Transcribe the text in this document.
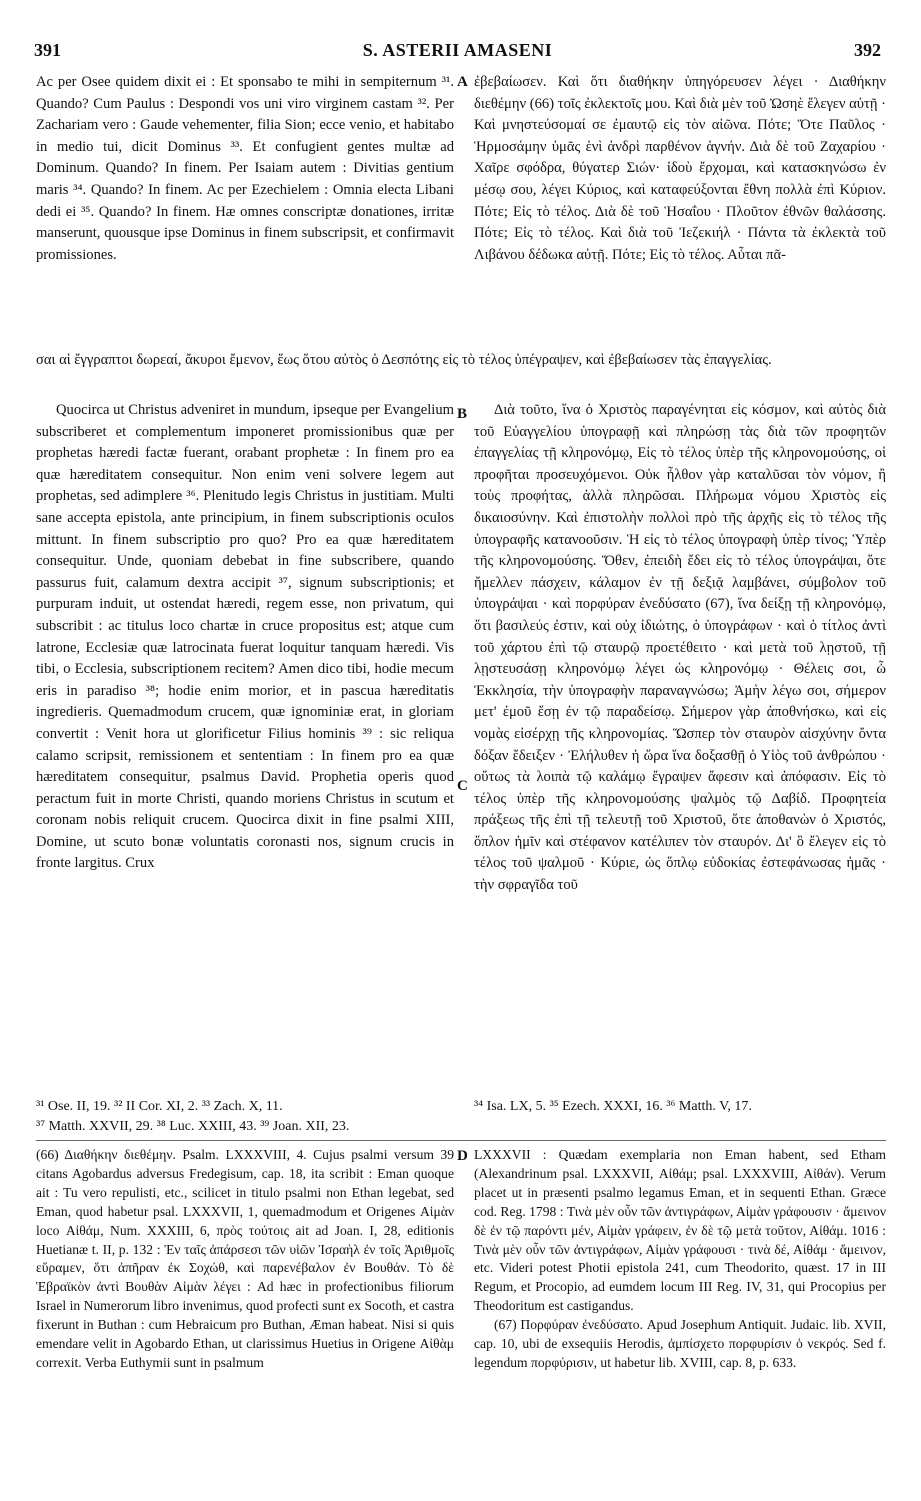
391	S. ASTERII AMASENI	392

Ac per Osee quidem dixit ei : Et sponsabo te mihi in sempiternum ³¹. Quando? Cum Paulus : Despondi vos uni viro virginem castam ³². Per Zachariam vero : Gaude vehementer, filia Sion; ecce venio, et habitabo in medio tui, dicit Dominus ³³. Et confugient gentes multæ ad Dominum. Quando? In finem. Per Isaiam autem : Divitias gentium maris ³⁴. Quando? In finem. Ac per Ezechielem : Omnia electa Libani dedi ei ³⁵. Quando? In finem. Hæ omnes conscriptæ donationes, irritæ manserunt, quousque ipse Dominus in finem subscripsit, et confirmavit promissiones.

A ἐβεβαίωσεν. Καὶ ὅτι διαθήκην ὑπηγόρευσεν λέγει · Διαθήκην διεθέμην (66) τοῖς ἐκλεκτοῖς μου. Καὶ διὰ μὲν τοῦ Ὠσηὲ ἔλεγεν αὐτῇ · Καὶ μνηστεύσομαί σε ἐμαυτῷ εἰς τὸν αἰῶνα. Πότε; Ὅτε Παῦλος · Ἡρμοσάμην ὑμᾶς ἑνὶ ἀνδρὶ παρθένον ἁγνήν. Διὰ δὲ τοῦ Ζαχαρίου · Χαῖρε σφόδρα, θύγατερ Σιών· ἰδοὺ ἔρχομαι, καὶ κατασκηνώσω ἐν μέσῳ σου, λέγει Κύριος, καὶ καταφεύξονται ἔθνη πολλὰ ἐπὶ Κύριον. Πότε; Εἰς τὸ τέλος. Διὰ δὲ τοῦ Ἡσαΐου · Πλοῦτον ἐθνῶν θαλάσσης. Πότε; Εἰς τὸ τέλος. Καὶ διὰ τοῦ Ἰεζεκιήλ · Πάντα τὰ ἐκλεκτὰ τοῦ Λιβάνου δέδωκα αὐτῇ. Πότε; Εἰς τὸ τέλος. Αὗται πᾶ-

σαι αἱ ἔγγραπτοι δωρεαί, ἄκυροι ἔμενον, ἕως ὅτου αὐτὸς ὁ Δεσπότης εἰς τὸ τέλος ὑπέγραψεν, καὶ ἐβεβαίωσεν τὰς ἐπαγγελίας.

Quocirca ut Christus adveniret in mundum, ipseque per Evangelium subscriberet et complementum imponeret promissionibus quæ per prophetas hæredi factæ fuerant, orabant prophetæ : In finem pro ea quæ hæreditatem consequitur. Non enim veni solvere legem aut prophetas, sed adimplere ³⁶. Plenitudo legis Christus in justitiam. Multi sane accepta epistola, ante principium, in finem subscriptionis oculos mittunt. In finem subscriptio pro quo? Pro ea quæ hæreditatem consequitur. Unde, quoniam debebat in fine subscribere, quando passurus fuit, calamum dextra accipit ³⁷, signum subscriptionis; et purpuram induit, ut ostendat hæredi, regem esse, non privatum, qui subscribit : ac titulus loco chartæ in cruce propositus est; atque cum latrone, Ecclesiæ quæ latrocinata fuerat loquitur tanquam hæredi. Vis tibi, o Ecclesia, subscriptionem recitem? Amen dico tibi, hodie mecum eris in paradiso ³⁸; hodie enim morior, et in pascua hæreditatis ingredieris. Quemadmodum crucem, quæ ignominiæ erat, in gloriam convertit : Venit hora ut glorificetur Filius hominis ³⁹ : sic reliqua calamo scripsit, remissionem et sententiam : In finem pro ea quæ hæreditatem consequitur, psalmus David. Prophetia operis quod peractum fuit in morte Christi, quando moriens Christus in scutum et coronam nobis reliquit crucem. Quocirca dixit in fine psalmi XIII, Domine, ut scuto bonæ voluntatis coronasti nos, signum crucis in fronte largitus. Crux

B
C

Διὰ τοῦτο, ἵνα ὁ Χριστὸς παραγένηται εἰς κόσμον, καὶ αὐτὸς διὰ τοῦ Εὐαγγελίου ὑπογραφῇ καὶ πληρώσῃ τὰς διὰ τῶν προφητῶν ἐπαγγελίας τῇ κληρονόμῳ, Εἰς τὸ τέλος ὑπὲρ τῆς κληρονομούσης, οἱ προφῆται προσευχόμενοι. Οὐκ ἦλθον γὰρ καταλῦσαι τὸν νόμον, ἢ τοὺς προφήτας, ἀλλὰ πληρῶσαι. Πλήρωμα νόμου Χριστὸς εἰς δικαιοσύνην. Καὶ ἐπιστολὴν πολλοὶ πρὸ τῆς ἀρχῆς εἰς τὸ τέλος τῆς ὑπογραφῆς κατανοοῦσιν. Ἡ εἰς τὸ τέλος ὑπογραφὴ ὑπὲρ τίνος; Ὑπὲρ τῆς κληρονομούσης. Ὅθεν, ἐπειδὴ ἔδει εἰς τὸ τέλος ὑπογράψαι, ὅτε ἤμελλεν πάσχειν, κάλαμον ἐν τῇ δεξιᾷ λαμβάνει, σύμβολον τοῦ ὑπογράψαι · καὶ πορφύραν ἐνεδύσατο (67), ἵνα δείξῃ τῇ κληρονόμῳ, ὅτι βασιλεύς ἐστιν, καὶ οὐχ ἰδιώτης, ὁ ὑπογράφων · καὶ ὁ τίτλος ἀντὶ τοῦ χάρτου ἐπὶ τῷ σταυρῷ προετέθειτο · καὶ μετὰ τοῦ λῃστοῦ, τῇ λῃστευσάσῃ κληρονόμῳ λέγει ὡς κληρονόμῳ · Θέλεις σοι, ὦ Ἐκκλησία, τὴν ὑπογραφὴν παραναγνώσω; Ἀμὴν λέγω σοι, σήμερον μετ' ἐμοῦ ἔσῃ ἐν τῷ παραδείσῳ. Σήμερον γὰρ ἀποθνήσκω, καὶ εἰς νομὰς εἰσέρχῃ τῆς κληρονομίας. Ὥσπερ τὸν σταυρὸν αἰσχύνην ὄντα δόξαν ἔδειξεν · Ἐλήλυθεν ἡ ὥρα ἵνα δοξασθῇ ὁ Υἱὸς τοῦ ἀνθρώπου · οὕτως τὰ λοιπὰ τῷ καλάμῳ ἔγραψεν ἄφεσιν καὶ ἀπόφασιν. Εἰς τὸ τέλος ὑπὲρ τῆς κληρονομούσης ψαλμὸς τῷ Δαβίδ. Προφητεία πράξεως τῆς ἐπὶ τῇ τελευτῇ τοῦ Χριστοῦ, ὅτε ἀποθανὼν ὁ Χριστός, ὅπλον ἡμῖν καὶ στέφανον κατέλιπεν τὸν σταυρόν. Δι' ὃ ἔλεγεν εἰς τὸ τέλος τοῦ ψαλμοῦ · Κύριε, ὡς ὅπλῳ εὐδοκίας ἐστεφάνωσας ἡμᾶς · τὴν σφραγῖδα τοῦ

³¹ Ose. II, 19. ³² II Cor. XI, 2. ³³ Zach. X, 11.	³⁴ Isa. LX, 5. ³⁵ Ezech. XXXI, 16. ³⁶ Matth. V, 17.
³⁷ Matth. XXVII, 29. ³⁸ Luc. XXIII, 43. ³⁹ Joan. XII, 23.

(66) Διαθήκην διεθέμην. Psalm. LXXXVIII, 4. Cujus psalmi versum 39 citans Agobardus adversus Fredegisum, cap. 18, ita scribit : Eman quoque ait : Tu vero repulisti, etc., scilicet in titulo psalmi non Ethan legebat, sed Eman, quod habetur psal. LXXXVII, 1, quemadmodum et Origenes Αἱμὰν loco Αἰθάμ, Num. XXXIII, 6, πρὸς τούτοις ait ad Joan. I, 28, editionis Huetianæ t. II, p. 132 : Ἐν ταῖς ἀπάρσεσι τῶν υἱῶν Ἰσραὴλ ἐν τοῖς Ἀριθμοῖς εὕραμεν, ὅτι ἀπῆραν ἐκ Σοχώθ, καὶ παρενέβαλον ἐν Βουθάν. Τὸ δὲ Ἑβραϊκὸν ἀντὶ Βουθὰν Αἱμὰν λέγει : Ad hæc in profectionibus filiorum Israel in Numerorum libro invenimus, quod profecti sunt ex Socoth, et castra fixerunt in Buthan : cum Hebraicum pro Buthan, Æman habeat. Nisi si quis emendare velit in Agobardo Ethan, ut clarissimus Huetius in Origene Αἰθὰμ correxit. Verba Euthymii sunt in psalmum

D LXXXVII : Quædam exemplaria non Eman habent, sed Etham (Alexandrinum psal. LXXXVII, Αἰθάμ; psal. LXXXVIII, Αἰθάν). Verum placet ut in præsenti psalmo legamus Eman, et in sequenti Ethan. Græce cod. Reg. 1798 : Τινὰ μὲν οὖν τῶν ἀντιγράφων, Αἱμὰν γράφουσιν · ἄμεινον δὲ ἐν τῷ παρόντι μέν, Αἱμὰν γράφειν, ἐν δὲ τῷ μετὰ τοῦτον, Αἰθάμ. 1016 : Τινὰ μὲν οὖν τῶν ἀντιγράφων, Αἱμὰν γράφουσι · τινὰ δέ, Αἰθάμ · ἄμεινον, etc. Videri potest Photii epistola 241, cum Theodorito, quæst. 17 in III Regum, et Procopio, ad eumdem locum III Reg. IV, 31, qui Procopius per Theodoritum est castigandus.

(67) Πορφύραν ἐνεδύσατο. Apud Josephum Antiquit. Judaic. lib. XVII, cap. 10, ubi de exsequiis Herodis, ἀμπίσχετο πορφυρίσιν ὁ νεκρός. Sed f. legendum πορφύρισιν, ut habetur lib. XVIII, cap. 8, p. 633.
